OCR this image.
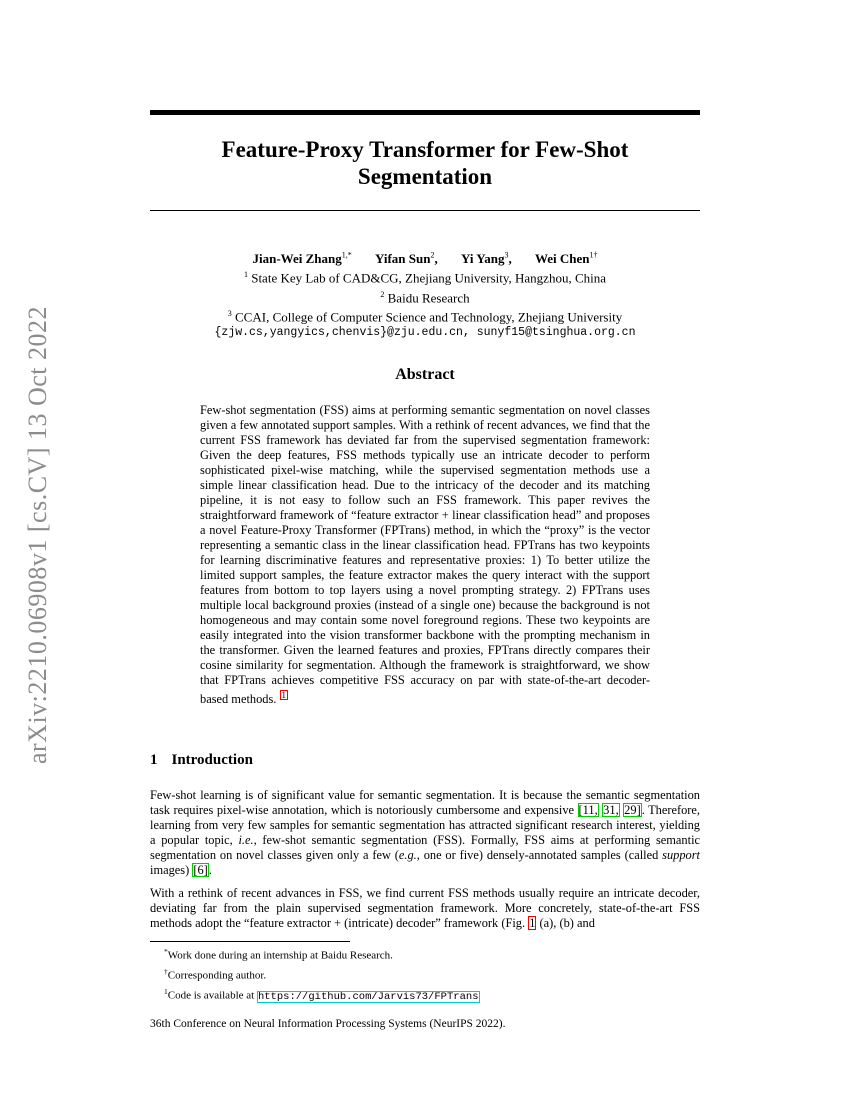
arXiv:2210.06908v1 [cs.CV] 13 Oct 2022
Feature-Proxy Transformer for Few-Shot
Segmentation
Jian-Wei Zhang$^{1,*}$ Yifan Sun$^2$, Yi Yang$^3$, Wei Chen$^{1\dagger}$
$^1$ State Key Lab of CAD&CG, Zhejiang University, Hangzhou, China
$^2$ Baidu Research
$^3$ CCAI, College of Computer Science and Technology, Zhejiang University
{zjw.cs,yangyics,chenvis}@zju.edu.cn, sunyf15@tsinghua.org.cn
Abstract

Few-shot segmentation (FSS) aims at performing semantic segmentation on novel classes given a few annotated support samples. With a rethink of recent advances, we find that the current FSS framework has deviated far from the supervised segmentation framework: Given the deep features, FSS methods typically use an intricate decoder to perform sophisticated pixel-wise matching, while the supervised segmentation methods use a simple linear classification head. Due to the intricacy of the decoder and its matching pipeline, it is not easy to follow such an FSS framework. This paper revives the straightforward framework of “feature extractor + linear classification head” and proposes a novel Feature-Proxy Transformer (FPTrans) method, in which the “proxy” is the vector representing a semantic class in the linear classification head. FPTrans has two keypoints for learning discriminative features and representative proxies: 1) To better utilize the limited support samples, the feature extractor makes the query interact with the support features from bottom to top layers using a novel prompting strategy. 2) FPTrans uses multiple local background proxies (instead of a single one) because the background is not homogeneous and may contain some novel foreground regions. These two keypoints are easily integrated into the vision transformer backbone with the prompting mechanism in the transformer. Given the learned features and proxies, FPTrans directly compares their cosine similarity for segmentation. Although the framework is straightforward, we show that FPTrans achieves competitive FSS accuracy on par with state-of-the-art decoder-based methods. $^1$

1 Introduction

Few-shot learning is of significant value for semantic segmentation. It is because the semantic segmentation task requires pixel-wise annotation, which is notoriously cumbersome and expensive [11, 31, 29]. Therefore, learning from very few samples for semantic segmentation has attracted significant research interest, yielding a popular topic, i.e., few-shot semantic segmentation (FSS). Formally, FSS aims at performing semantic segmentation on novel classes given only a few (e.g., one or five) densely-annotated samples (called support images) [6].

With a rethink of recent advances in FSS, we find current FSS methods usually require an intricate decoder, deviating far from the plain supervised segmentation framework. More concretely, state-of-the-art FSS methods adopt the “feature extractor + (intricate) decoder” framework (Fig. 1 (a), (b) and

*Work done during an internship at Baidu Research.
†Corresponding author.
$^1$Code is available at https://github.com/Jarvis73/FPTrans
36th Conference on Neural Information Processing Systems (NeurIPS 2022).
